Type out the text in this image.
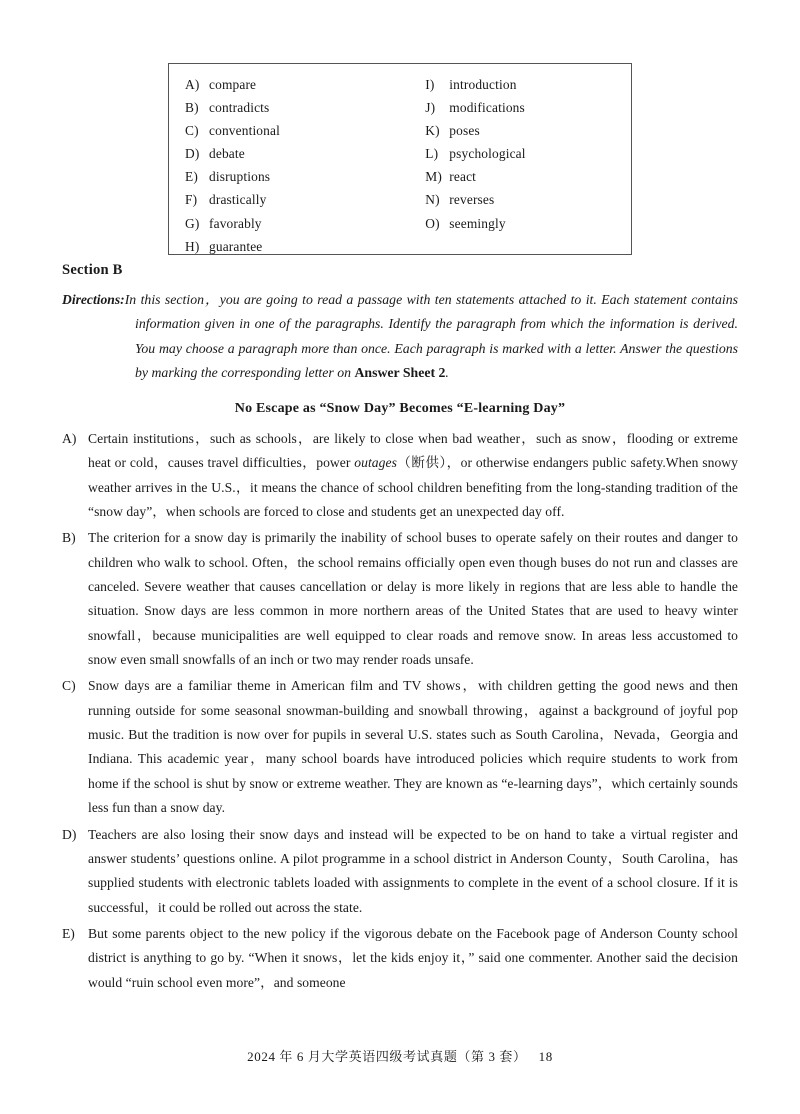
A) compare
B) contradicts
C) conventional
D) debate
E) disruptions
F) drastically
G) favorably
H) guarantee
I) introduction
J) modifications
K) poses
L) psychological
M) react
N) reverses
O) seemingly
Section B
Directions:In this section，you are going to read a passage with ten statements attached to it. Each statement contains information given in one of the paragraphs. Identify the paragraph from which the information is derived. You may choose a paragraph more than once. Each paragraph is marked with a letter. Answer the questions by marking the corresponding letter on Answer Sheet 2.
No Escape as “Snow Day” Becomes “E-learning Day”
A) Certain institutions，such as schools，are likely to close when bad weather，such as snow，flooding or extreme heat or cold，causes travel difficulties，power outages（断供），or otherwise endangers public safety.When snowy weather arrives in the U.S.，it means the chance of school children benefiting from the long-standing tradition of the “snow day”，when schools are forced to close and students get an unexpected day off.
B) The criterion for a snow day is primarily the inability of school buses to operate safely on their routes and danger to children who walk to school. Often，the school remains officially open even though buses do not run and classes are canceled. Severe weather that causes cancellation or delay is more likely in regions that are less able to handle the situation. Snow days are less common in more northern areas of the United States that are used to heavy winter snowfall，because municipalities are well equipped to clear roads and remove snow. In areas less accustomed to snow even small snowfalls of an inch or two may render roads unsafe.
C) Snow days are a familiar theme in American film and TV shows，with children getting the good news and then running outside for some seasonal snowman-building and snowball throwing，against a background of joyful pop music. But the tradition is now over for pupils in several U.S. states such as South Carolina，Nevada，Georgia and Indiana. This academic year，many school boards have introduced policies which require students to work from home if the school is shut by snow or extreme weather. They are known as “e-learning days”，which certainly sounds less fun than a snow day.
D) Teachers are also losing their snow days and instead will be expected to be on hand to take a virtual register and answer students’ questions online. A pilot programme in a school district in Anderson County，South Carolina，has supplied students with electronic tablets loaded with assignments to complete in the event of a school closure. If it is successful，it could be rolled out across the state.
E) But some parents object to the new policy if the vigorous debate on the Facebook page of Anderson County school district is anything to go by. “When it snows，let the kids enjoy it，” said one commenter. Another said the decision would “ruin school even more”，and someone
2024 年 6 月大学英语四级考试真题（第 3 套） 18
